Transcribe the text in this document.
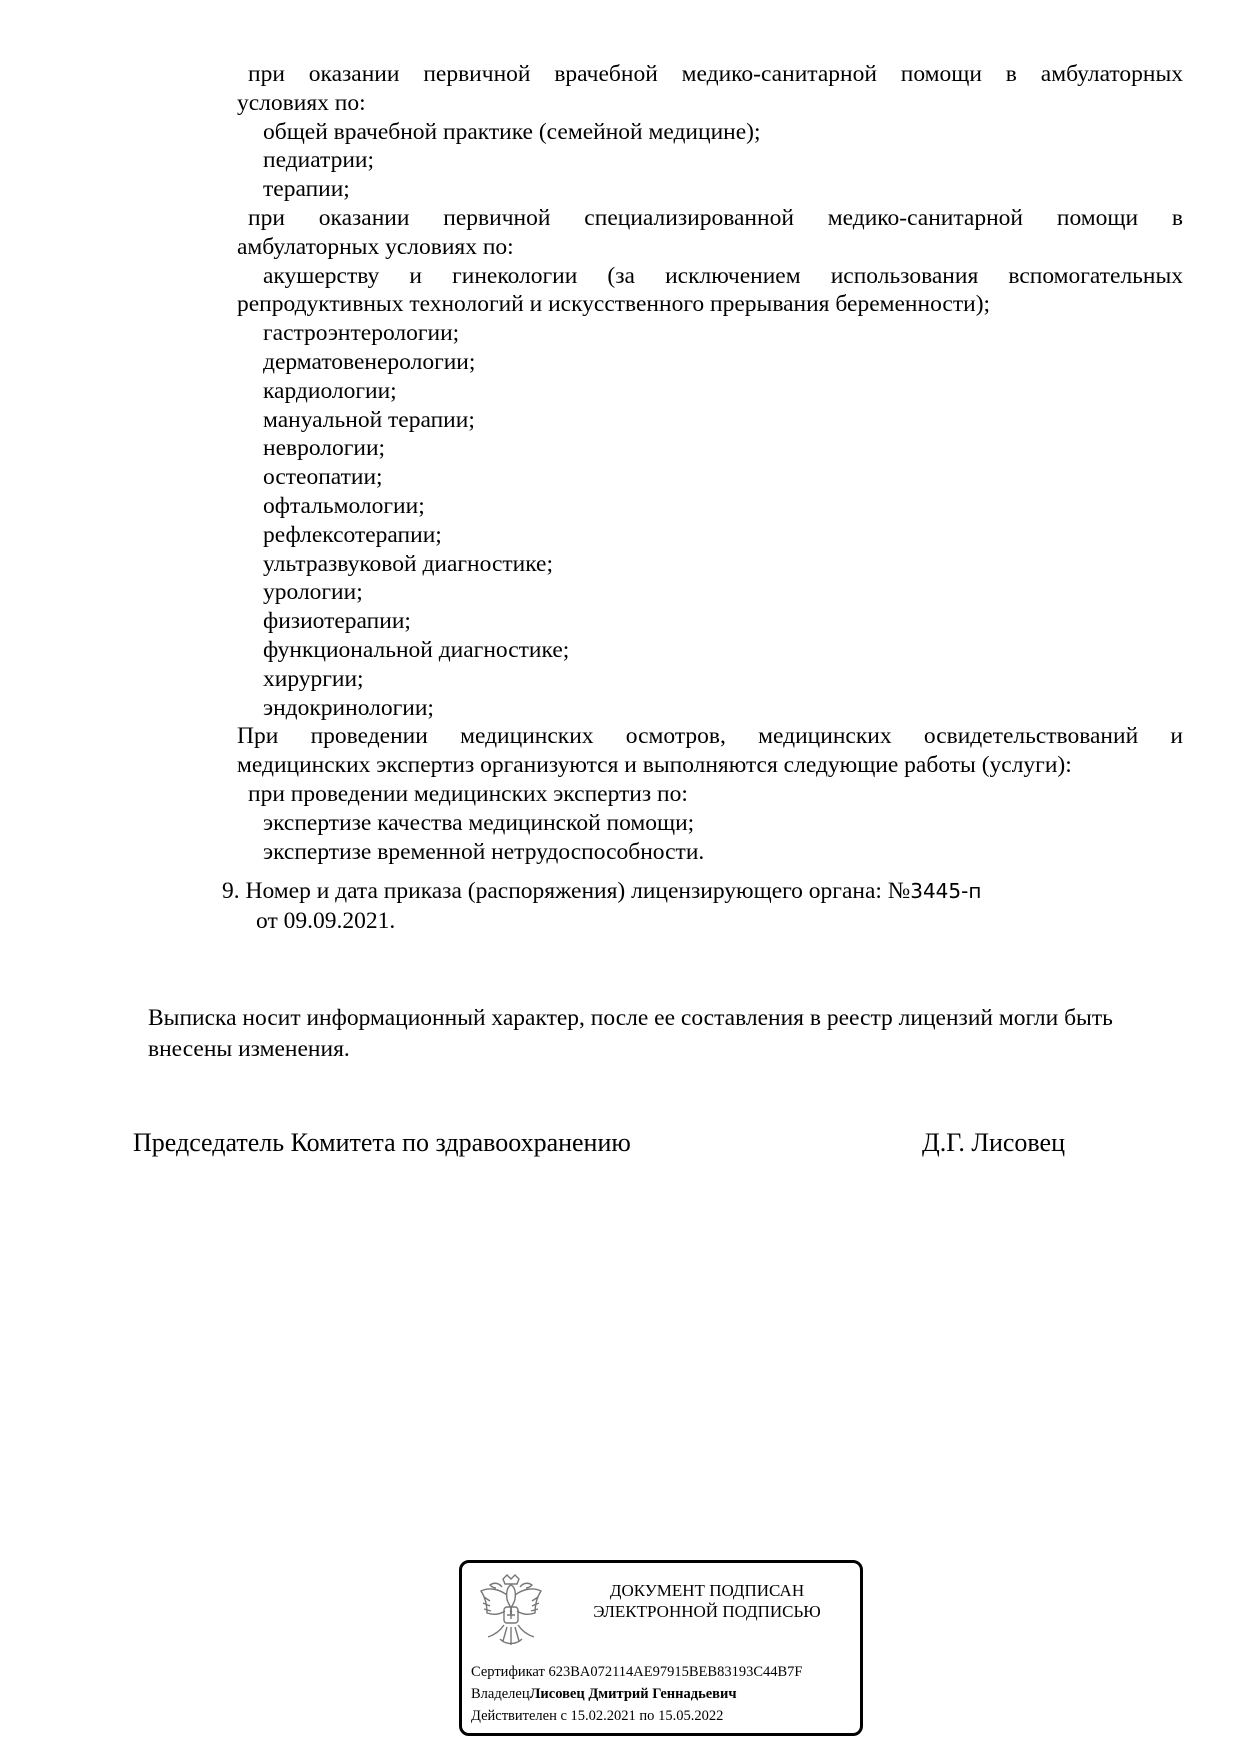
при оказании первичной врачебной медико-санитарной помощи в амбулаторных
условиях по:
общей врачебной практике (семейной медицине);
педиатрии;
терапии;
при оказании первичной специализированной медико-санитарной помощи в
амбулаторных условиях по:
акушерству и гинекологии (за исключением использования вспомогательных
репродуктивных технологий и искусственного прерывания беременности);
гастроэнтерологии;
дерматовенерологии;
кардиологии;
мануальной терапии;
неврологии;
остеопатии;
офтальмологии;
рефлексотерапии;
ультразвуковой диагностике;
урологии;
физиотерапии;
функциональной диагностике;
хирургии;
эндокринологии;
При проведении медицинских осмотров, медицинских освидетельствований и
медицинских экспертиз организуются и выполняются следующие работы (услуги):
при проведении медицинских экспертиз по:
экспертизе качества медицинской помощи;
экспертизе временной нетрудоспособности.
9. Номер и дата приказа (распоряжения) лицензирующего органа: №3445-п
от 09.09.2021.
Выписка носит информационный характер, после ее составления в реестр лицензий могли быть внесены изменения.
Председатель Комитета по здравоохранению	Д.Г. Лисовец
ДОКУМЕНТ ПОДПИСАН
ЭЛЕКТРОННОЙ ПОДПИСЬЮ
Сертификат 623BA072114AE97915BEB83193C44B7F
ВладелецЛисовец Дмитрий Геннадьевич
Действителен с 15.02.2021 по 15.05.2022
